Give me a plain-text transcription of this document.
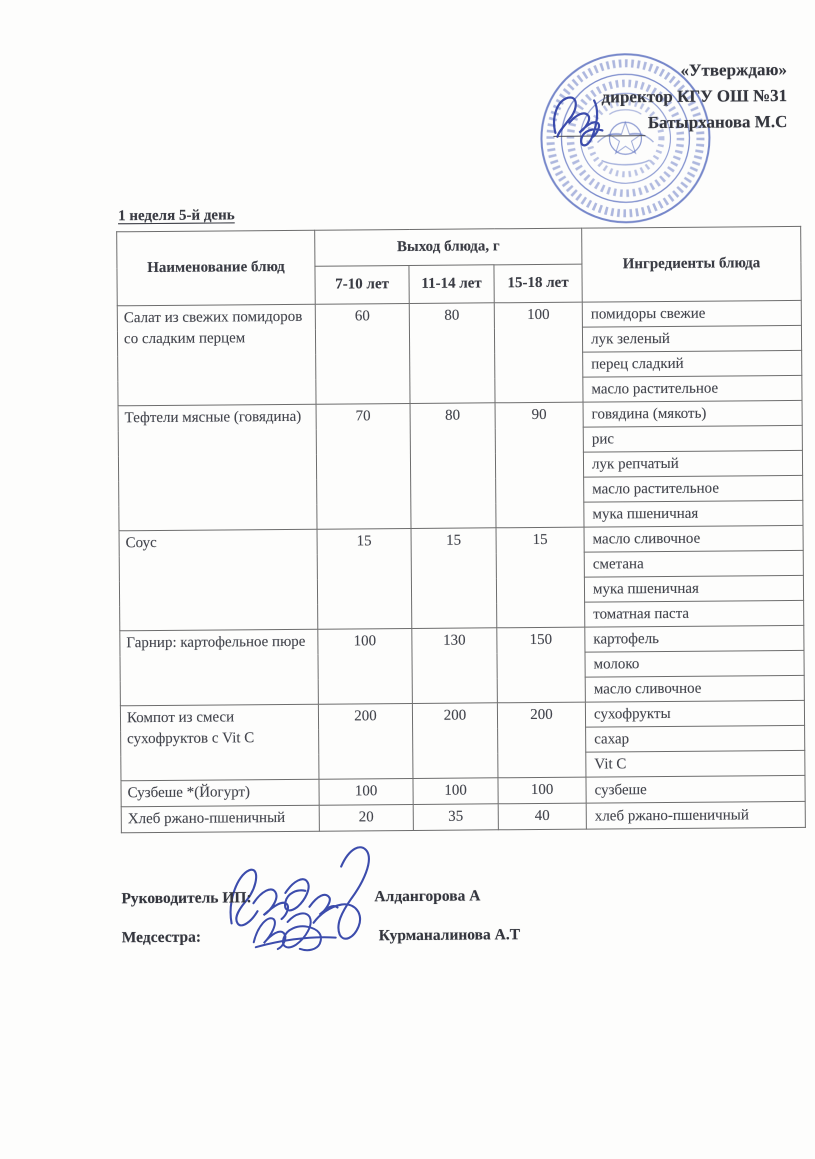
«Утверждаю»
директор КГУ ОШ №31
Батырханова М.С
1 неделя 5-й день
Наименование блюд	Выход блюда, г			Ингредиенты блюда
	7-10 лет	11-14 лет	15-18 лет	
Салат из свежих помидоров со сладким перцем	60	80	100	помидоры свежие
				лук зеленый
				перец сладкий
				масло растительное
Тефтели мясные (говядина)	70	80	90	говядина (мякоть)
				рис
				лук репчатый
				масло растительное
				мука пшеничная
Соус	15	15	15	масло сливочное
				сметана
				мука пшеничная
				томатная паста
Гарнир: картофельное пюре	100	130	150	картофель
				молоко
				масло сливочное
Компот из смеси сухофруктов с Vit C	200	200	200	сухофрукты
				сахар
				Vit C
Сузбеше *(Йогурт)	100	100	100	сузбеше
Хлеб ржано-пшеничный	20	35	40	хлеб ржано-пшеничный
Руководитель ИП:	Алдангорова А
Медсестра:	Курманалинова А.Т
